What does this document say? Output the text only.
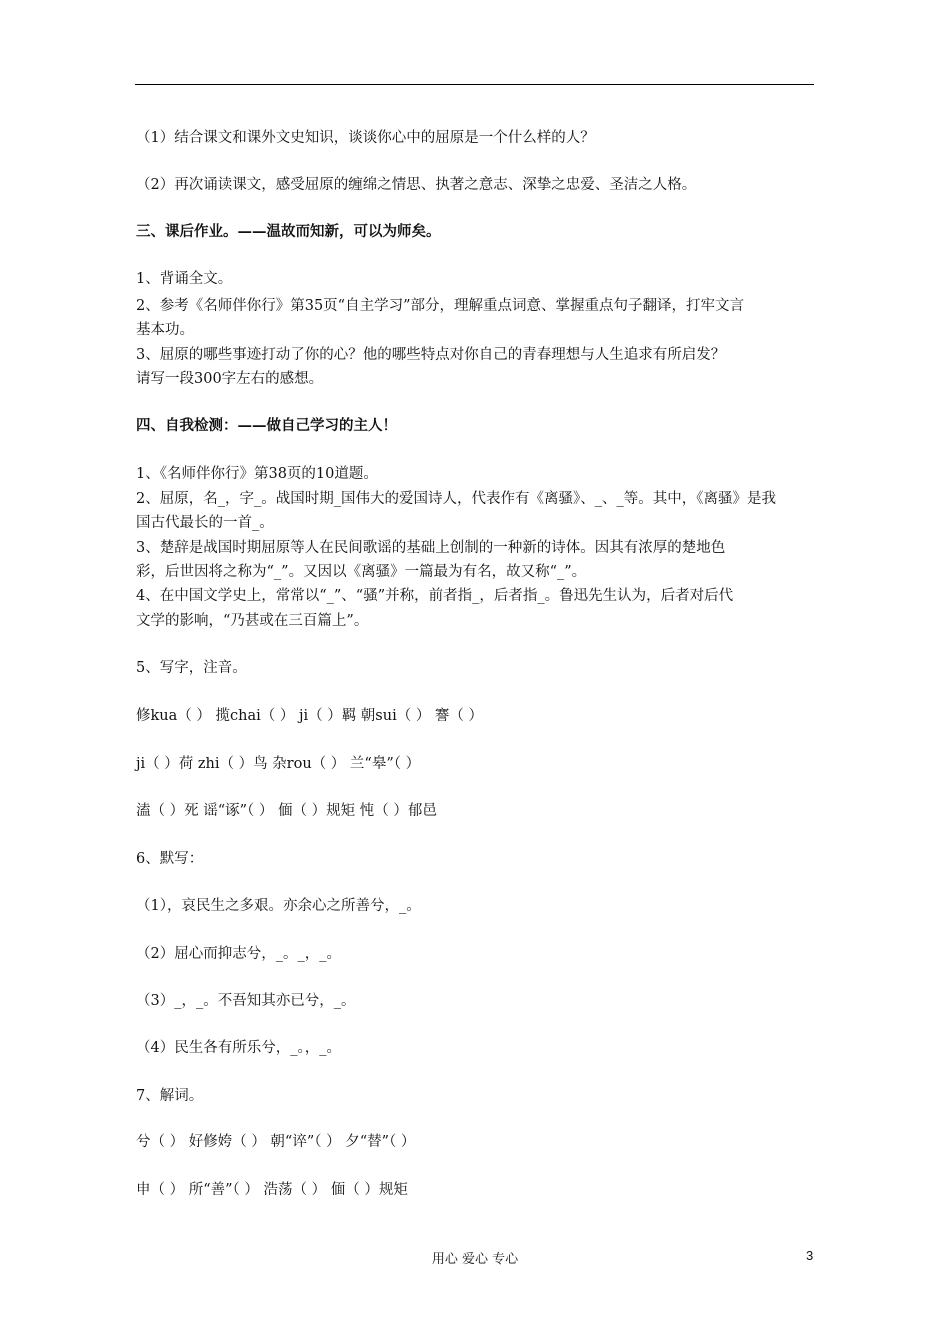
（1）结合课文和课外文史知识，谈谈你心中的屈原是一个什么样的人？
（2）再次诵读课文，感受屈原的缠绵之情思、执著之意志、深挚之忠爱、圣洁之人格。
三、课后作业。——温故而知新，可以为师矣。
1、背诵全文。
2、参考《名师伴你行》第35页“自主学习”部分，理解重点词意、掌握重点句子翻译，打牢文言
基本功。
3、屈原的哪些事迹打动了你的心？他的哪些特点对你自己的青春理想与人生追求有所启发？
请写一段300字左右的感想。
四、自我检测：——做自己学习的主人！
1、《名师伴你行》第38页的10道题。
2、屈原，名_，字_。战国时期_国伟大的爱国诗人，代表作有《离骚》、_、_等。其中，《离骚》是我
国古代最长的一首_。
3、楚辞是战国时期屈原等人在民间歌谣的基础上创制的一种新的诗体。因其有浓厚的楚地色
彩，后世因将之称为“_”。又因以《离骚》一篇最为有名，故又称“_”。
4、在中国文学史上，常常以“_”、“骚”并称，前者指_，后者指_。鲁迅先生认为，后者对后代
文学的影响，“乃甚或在三百篇上”。
5、写字，注音。
修kua（ ） 揽chai（ ） ji（ ）羁 朝sui（ ） 謇（ ）
ji（ ）荷 zhi（ ）鸟 杂rou（ ） 兰“皋”（ ）
溘（ ）死 谣“诼”（ ） 偭（ ）规矩 忳（ ）郁邑
6、默写：
（1），哀民生之多艰。亦余心之所善兮，_。
（2）屈心而抑志兮，_。_，_。
（3）_，_。不吾知其亦已兮，_。
（4）民生各有所乐兮，_。，_。
7、解词。
兮（ ） 好修姱（ ） 朝“谇”（ ） 夕“替”（ ）
申（ ） 所“善”（ ） 浩荡（ ） 偭（ ）规矩
用心 爱心 专心	3
